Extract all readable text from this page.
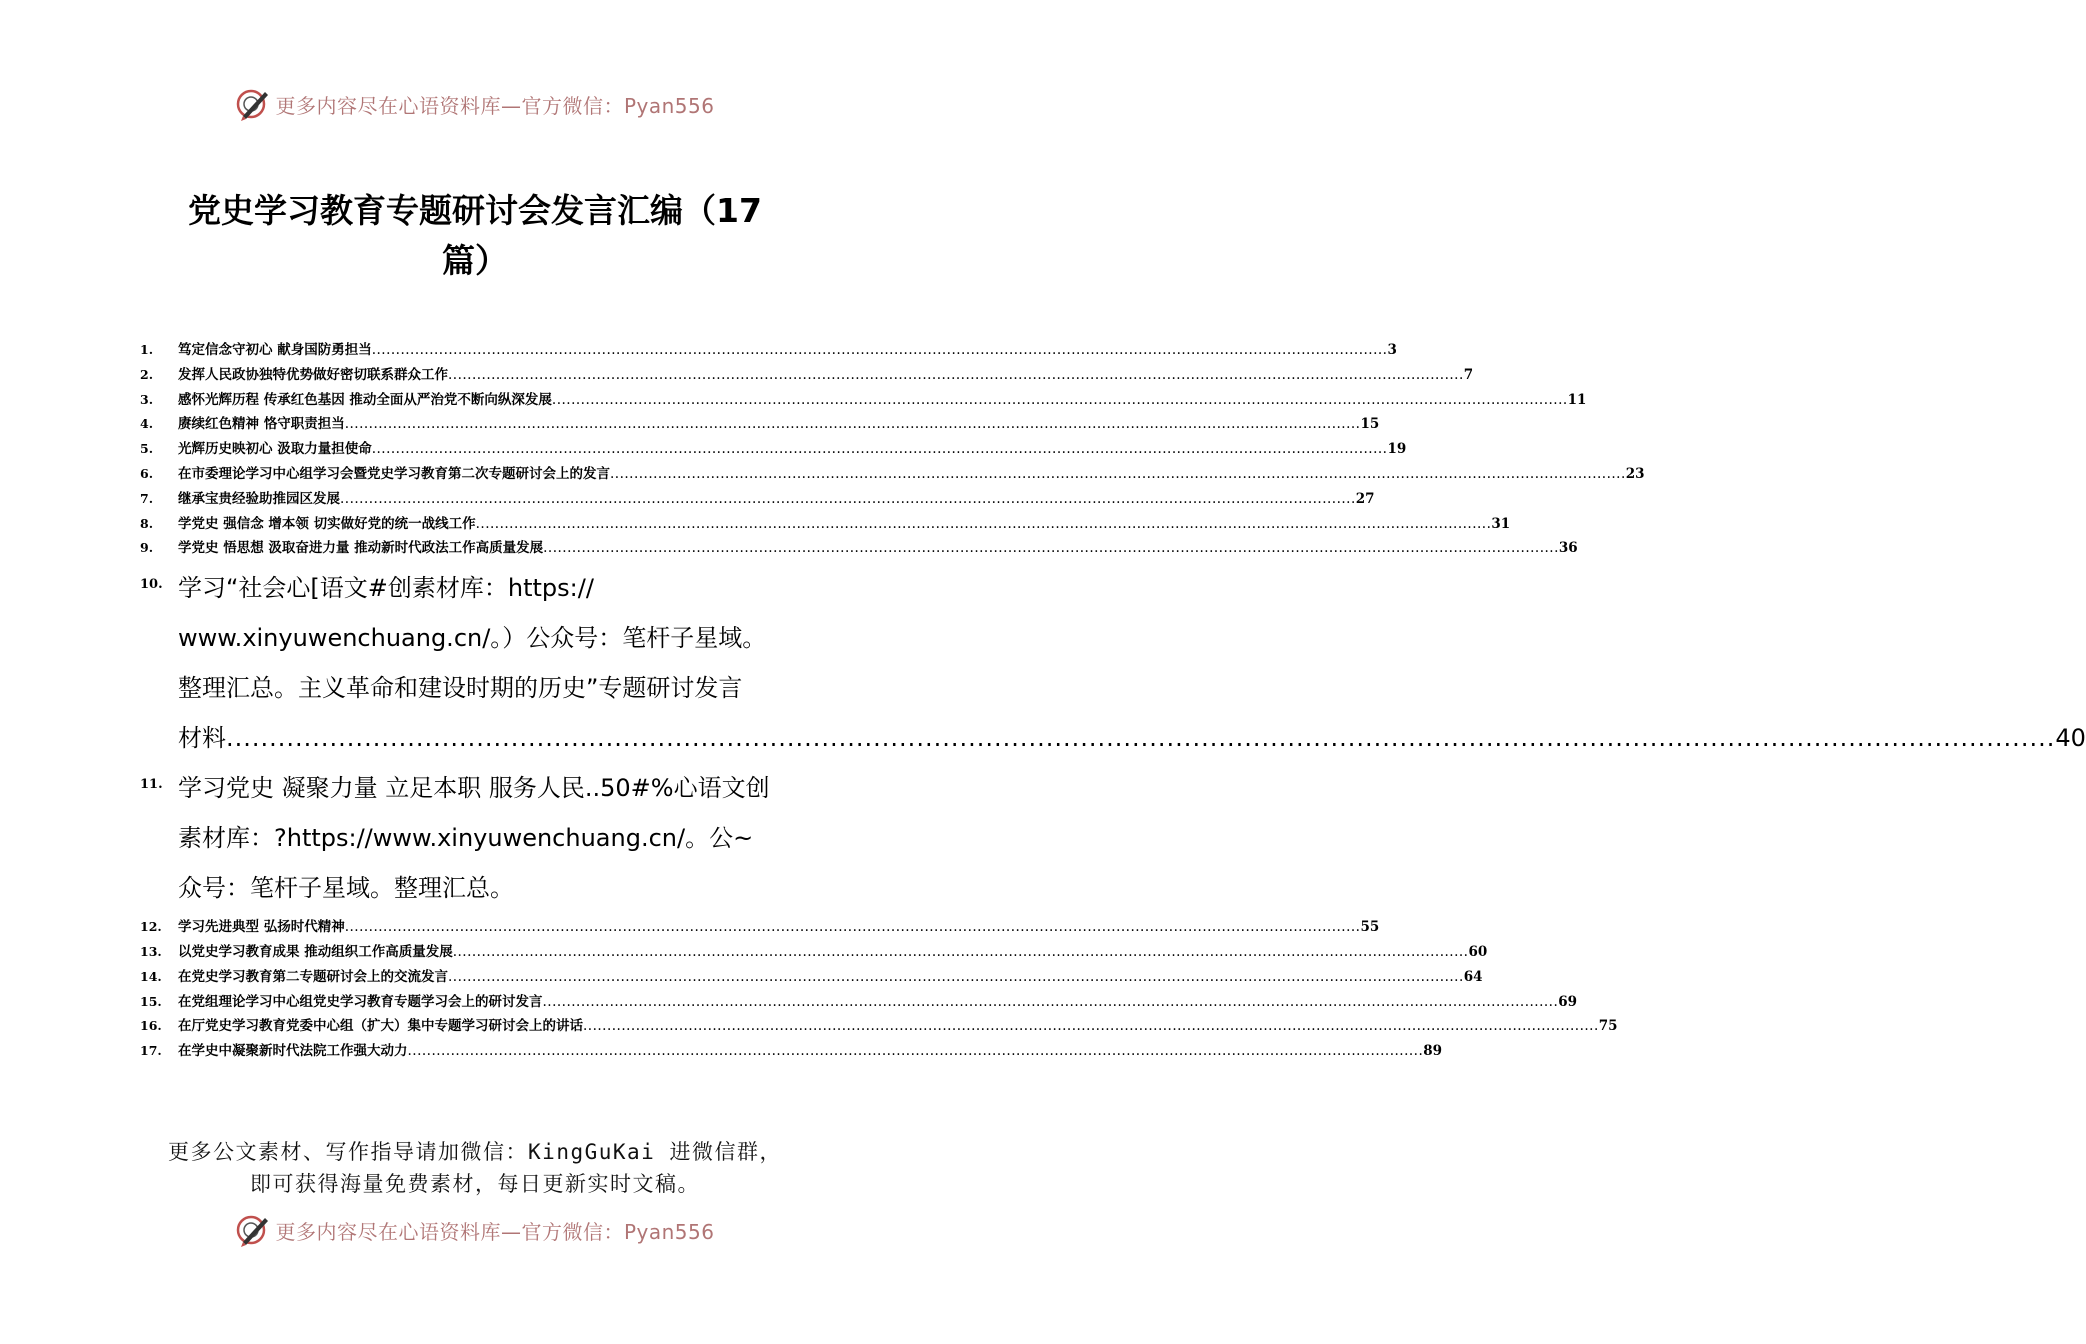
更多内容尽在心语资料库—官方微信：Pyan556
党史学习教育专题研讨会发言汇编（17
篇）
1.	笃定信念守初心 献身国防勇担当 .....	3
2.	发挥人民政协独特优势做好密切联系群众工作 .....	7
3.	感怀光辉历程 传承红色基因 推动全面从严治党不断向纵深发展 .....	11
4.	赓续红色精神 恪守职责担当 .....	15
5.	光辉历史映初心 汲取力量担使命 .....	19
6.	在市委理论学习中心组学习会暨党史学习教育第二次专题研讨会上的发言 .....	23
7.	继承宝贵经验助推园区发展 .....	27
8.	学党史 强信念 增本领 切实做好党的统一战线工作 .....	31
9.	学党史 悟思想 汲取奋进力量 推动新时代政法工作高质量发展 .....	36
10. 学习“社会心[语文#创素材库：https://
www.xinyuwenchuang.cn/。）公众号：笔杆子星域。
整理汇总。主义革命和建设时期的历史”专题研讨发言
材料 .....	40
11. 学习党史 凝聚力量 立足本职 服务人民..50#%心语文创
素材库：?https://www.xinyuwenchuang.cn/。公~
众号：笔杆子星域。整理汇总。
12.	学习先进典型 弘扬时代精神 .....	55
13.	以党史学习教育成果 推动组织工作高质量发展 .....	60
14.	在党史学习教育第二专题研讨会上的交流发言 .....	64
15.	在党组理论学习中心组党史学习教育专题学习会上的研讨发言 .....	69
16.	在厅党史学习教育党委中心组（扩大）集中专题学习研讨会上的讲话 .....	75
17.	在学史中凝聚新时代法院工作强大动力 .....	89
更多公文素材、写作指导请加微信：KingGuKai 进微信群，
即可获得海量免费素材，每日更新实时文稿。
更多内容尽在心语资料库—官方微信：Pyan556
